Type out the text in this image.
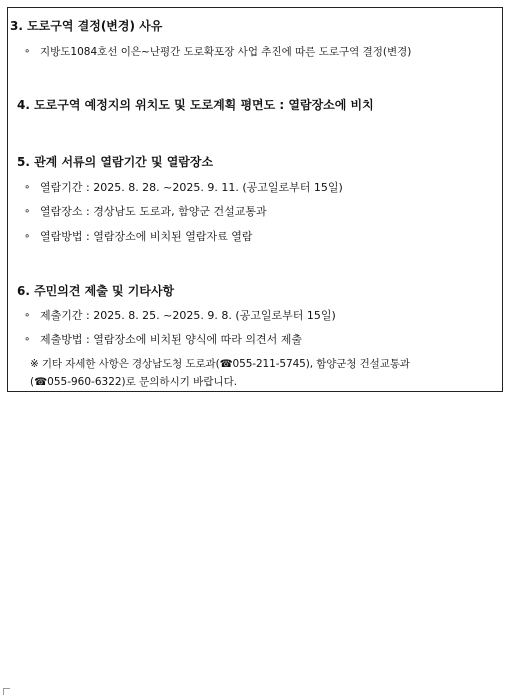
3. 도로구역 결정(변경) 사유
∘ 지방도1084호선 이은~난평간 도로확포장 사업 추진에 따른 도로구역 결정(변경)
4. 도로구역 예정지의 위치도 및 도로계획 평면도 : 열람장소에 비치
5. 관계 서류의 열람기간 및 열람장소
∘ 열람기간 : 2025. 8. 28. ~2025. 9. 11. (공고일로부터 15일)
∘ 열람장소 : 경상남도 도로과, 함양군 건설교통과
∘ 열람방법 : 열람장소에 비치된 열람자료 열람
6. 주민의견 제출 및 기타사항
∘ 제출기간 : 2025. 8. 25. ~2025. 9. 8. (공고일로부터 15일)
∘ 제출방법 : 열람장소에 비치된 양식에 따라 의견서 제출
※ 기타 자세한 사항은 경상남도청 도로과(☎055-211-5745), 함양군청 건설교통과
(☎055-960-6322)로 문의하시기 바랍니다.
